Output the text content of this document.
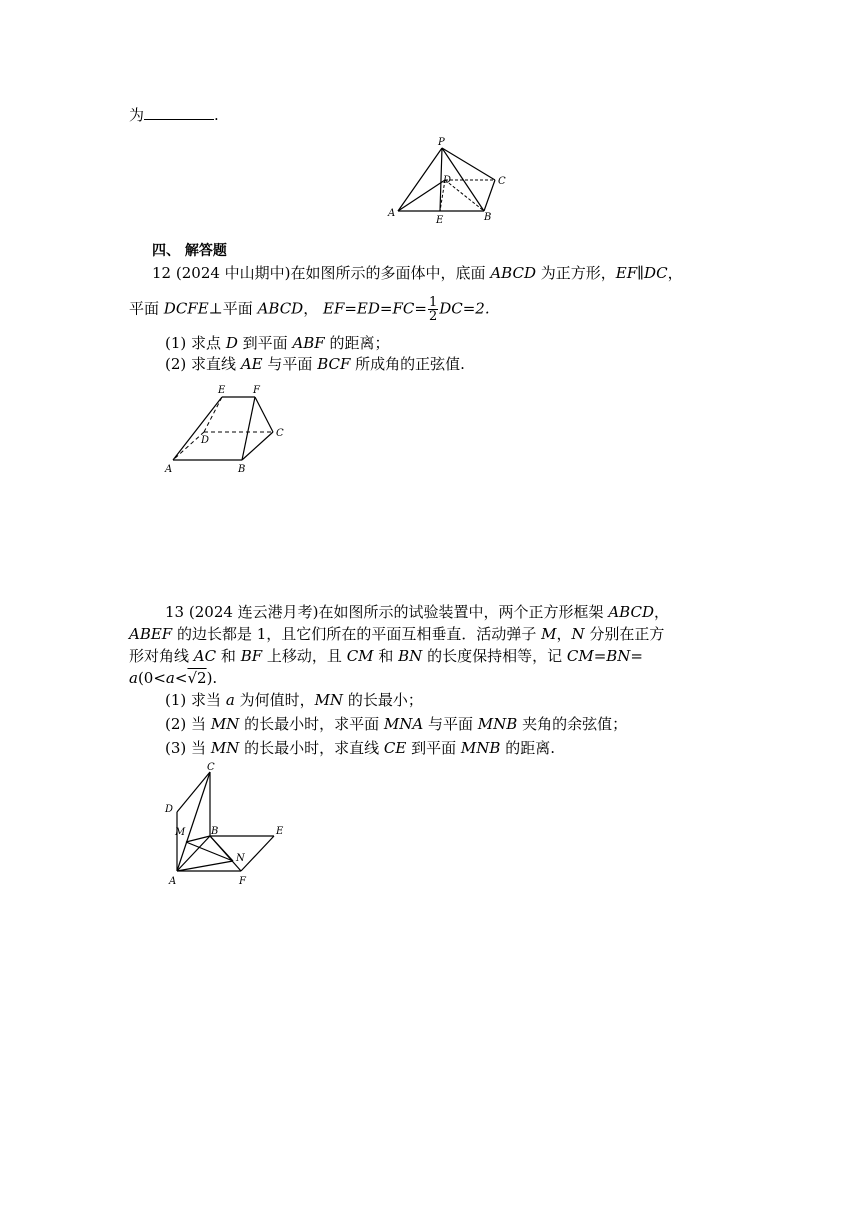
为	.
P
D	C
A
E	B
四、 解答题
12 (2024 中山期中)在如图所示的多面体中，底面 ABCD 为正方形，EF∥DC，
平面 DCFE⊥平面 ABCD， $EF=ED=FC= \frac{1}{2} DC=2$.
(1) 求点 D 到平面 ABF 的距离；
(2) 求直线 AE 与平面 BCF 所成角的正弦值.
E	F
D
C
A	B
13 (2024 连云港月考)在如图所示的试验装置中，两个正方形框架 ABCD，
ABEF 的边长都是 1，且它们所在的平面互相垂直．活动弹子 M，N 分别在正方
形对角线 AC 和 BF 上移动，且 CM 和 BN 的长度保持相等，记 CM=BN=
a(0<a<√2).
(1) 求当 a 为何值时，MN 的长最小；
(2) 当 MN 的长最小时，求平面 MNA 与平面 MNB 夹角的余弦值；
(3) 当 MN 的长最小时，求直线 CE 到平面 MNB 的距离.
C
D
M	B	E
N
A	F
